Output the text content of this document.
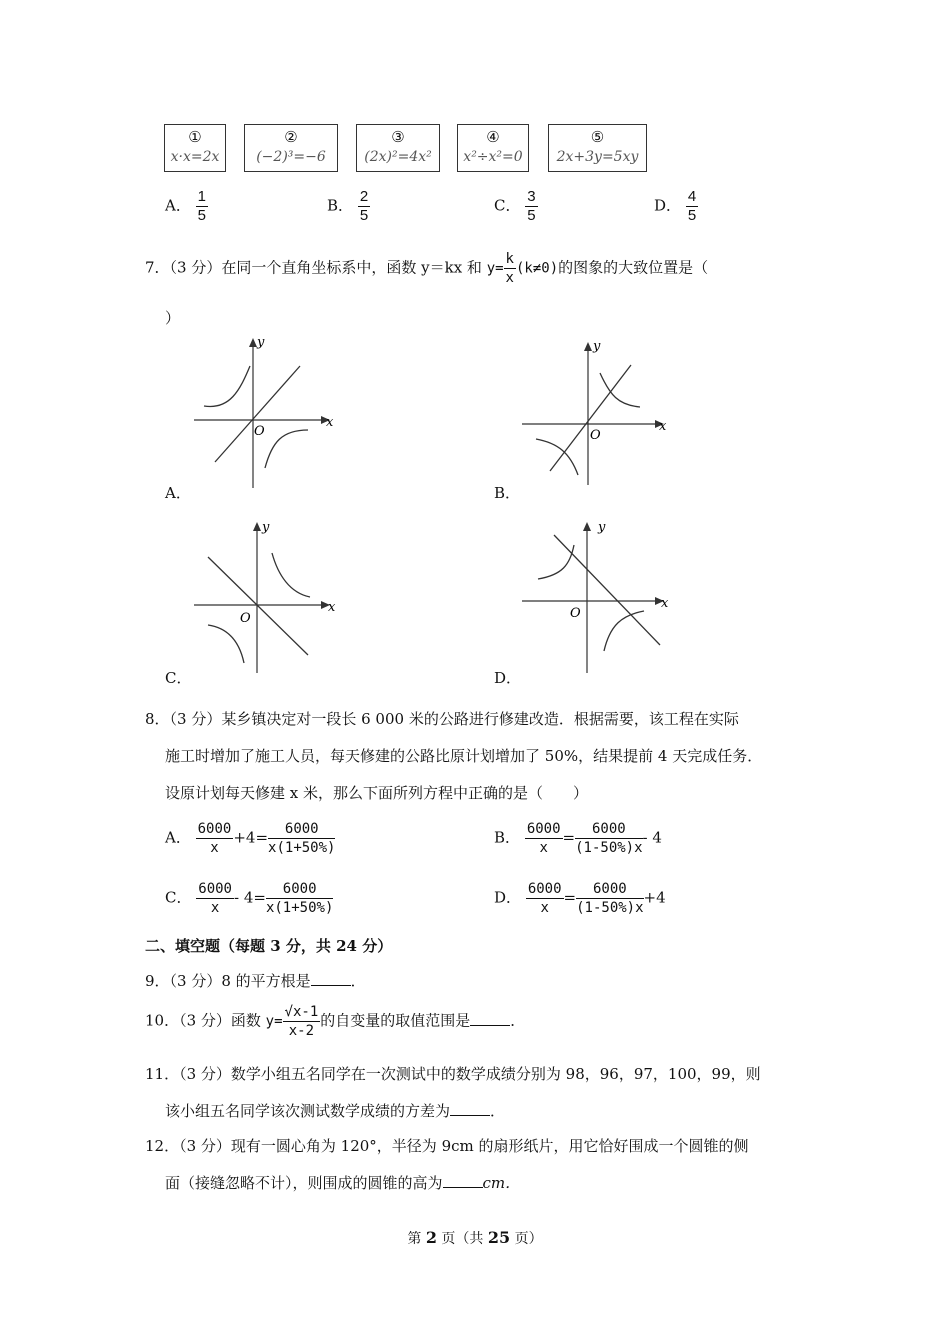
①
x·x=2x
②
(−2)³=−6
③
(2x)²=4x²
④
x²÷x²=0
⑤
2x+3y=5xy
A． $\frac{1}{5}$	B． $\frac{2}{5}$	C． $\frac{3}{5}$	D． $\frac{4}{5}$
7．（3 分）在同一个直角坐标系中，函数 y＝kx 和 $y= \frac{k}{x} (k\ne 0)$的图象的大致位置是（
）
y
x
O
A．
y
x
O
B．
y
x
O
C．
y
x
O
D．
8．（3 分）某乡镇决定对一段长 6 000 米的公路进行修建改造．根据需要，该工程在实际
施工时增加了施工人员，每天修建的公路比原计划增加了 50%，结果提前 4 天完成任务．
设原计划每天修建 x 米，那么下面所列方程中正确的是（　　）
A． $\frac{6000}{x} +4= \frac{6000}{x(1+50\%)}$	B． $\frac{6000}{x} = \frac{6000}{(1-50\%)x} - 4$
C． $\frac{6000}{x} - 4= \frac{6000}{x(1+50\%)}$	D． $\frac{6000}{x} = \frac{6000}{(1-50\%)x} +4$
二、填空题（每题 3 分，共 24 分）
9．（3 分）8 的平方根是	．
10．（3 分）函数 $y= \frac{√x-1}{x-2}$ 的自变量的取值范围是	．
11．（3 分）数学小组五名同学在一次测试中的数学成绩分别为 98，96，97，100，99，则
该小组五名同学该次测试数学成绩的方差为	．
12．（3 分）现有一圆心角为 120°，半径为 9cm 的扇形纸片，用它恰好围成一个圆锥的侧
面（接缝忽略不计），则围成的圆锥的高为	cm．
第 2 页（共 25 页）
